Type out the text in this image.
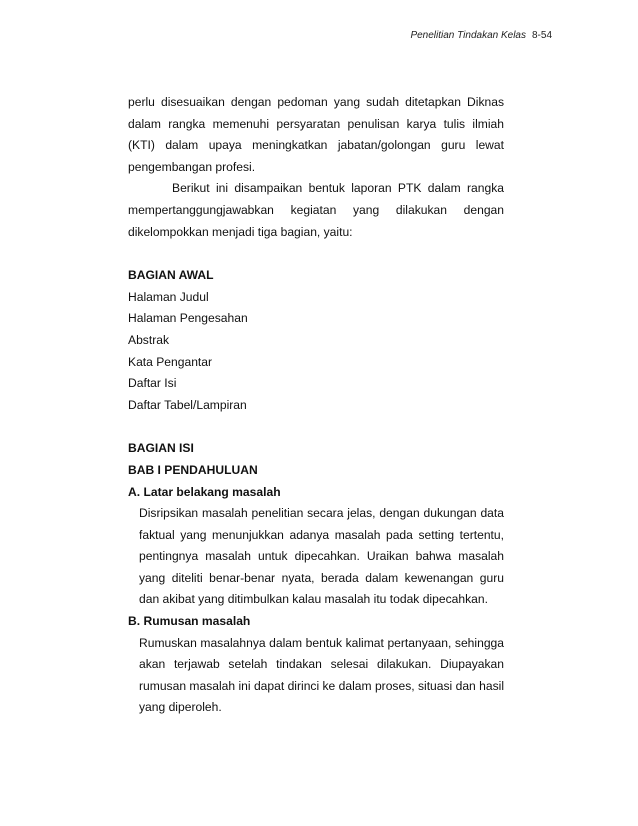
Penelitian Tindakan Kelas 8-54

perlu disesuaikan dengan pedoman yang sudah ditetapkan Diknas dalam rangka memenuhi persyaratan penulisan karya tulis ilmiah (KTI) dalam upaya meningkatkan jabatan/golongan guru lewat pengembangan profesi.

Berikut ini disampaikan bentuk laporan PTK dalam rangka mempertanggungjawabkan kegiatan yang dilakukan dengan dikelompokkan menjadi tiga bagian, yaitu:

BAGIAN AWAL

Halaman Judul
Halaman Pengesahan
Abstrak
Kata Pengantar
Daftar Isi
Daftar Tabel/Lampiran

BAGIAN ISI

BAB I PENDAHULUAN

A. Latar belakang masalah

Disripsikan masalah penelitian secara jelas, dengan dukungan data faktual yang menunjukkan adanya masalah pada setting tertentu, pentingnya masalah untuk dipecahkan. Uraikan bahwa masalah yang diteliti benar-benar nyata, berada dalam kewenangan guru dan akibat yang ditimbulkan kalau masalah itu todak dipecahkan.

B. Rumusan masalah

Rumuskan masalahnya dalam bentuk kalimat pertanyaan, sehingga akan terjawab setelah tindakan selesai dilakukan. Diupayakan rumusan masalah ini dapat dirinci ke dalam proses, situasi dan hasil yang diperoleh.
